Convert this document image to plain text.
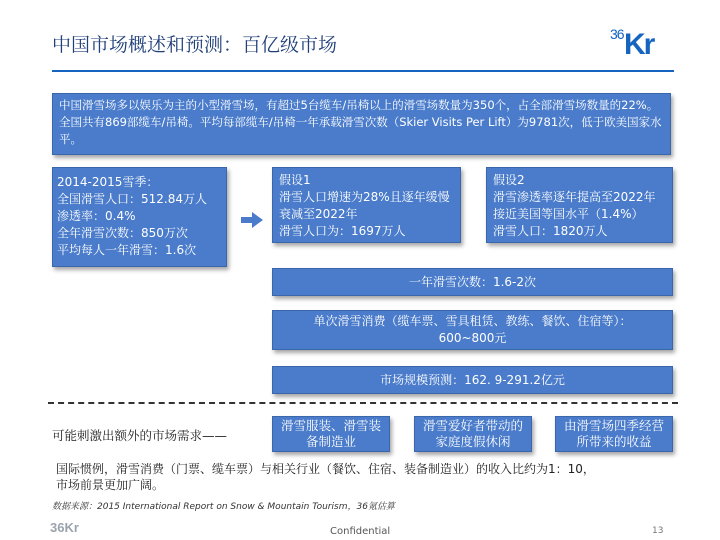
中国市场概述和预测：百亿级市场	36 Kr
中国滑雪场多以娱乐为主的小型滑雪场，有超过5台缆车/吊椅以上的滑雪场数量为350个，占全部滑雪场数量的22%。全国共有869部缆车/吊椅。平均每部缆车/吊椅一年承载滑雪次数（Skier Visits Per Lift）为9781次，低于欧美国家水平。
2014-2015雪季：
全国滑雪人口：512.84万人
渗透率：0.4%
全年滑雪次数：850万次
平均每人一年滑雪：1.6次
假设1
滑雪人口增速为28%且逐年缓慢衰减至2022年
滑雪人口为：1697万人
假设2
滑雪渗透率逐年提高至2022年接近美国等国水平（1.4%）
滑雪人口：1820万人
一年滑雪次数：1.6-2次
单次滑雪消费（缆车票、雪具租赁、教练、餐饮、住宿等）：
600~800元
市场规模预测：162. 9-291.2亿元
可能刺激出额外的市场需求——
滑雪服装、滑雪装备制造业
滑雪爱好者带动的家庭度假休闲
由滑雪场四季经营所带来的收益
国际惯例，滑雪消费（门票、缆车票）与相关行业（餐饮、住宿、装备制造业）的收入比约为1：10，
市场前景更加广阔。
数据来源：2015 International Report on Snow & Mountain Tourism，36氪估算
36Kr	Confidential	13
